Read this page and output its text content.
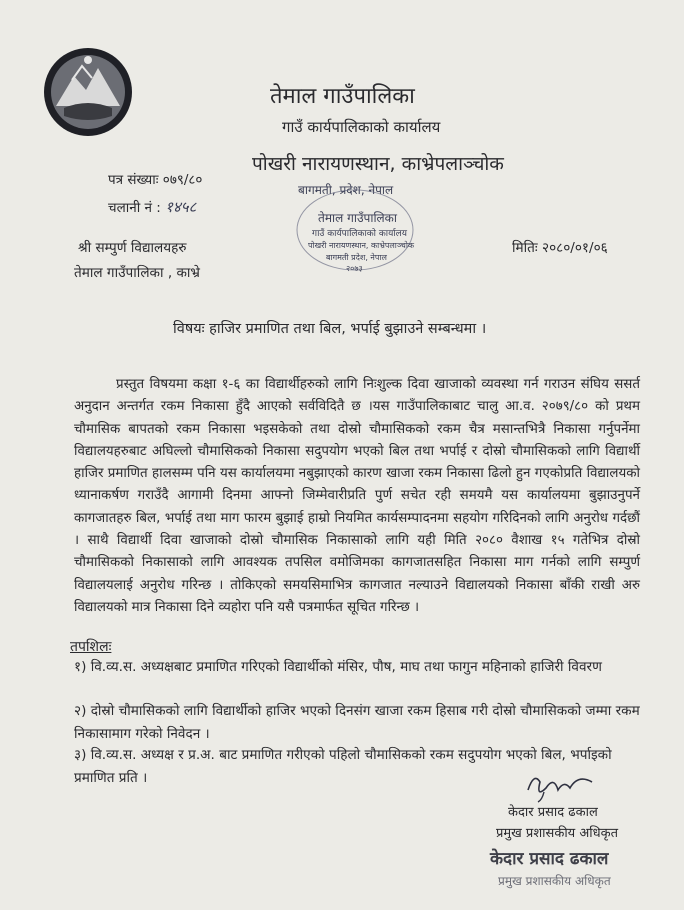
तेमाल गाउँपालिका
गाउँ कार्यपालिकाको कार्यालय
पोखरी नारायणस्थान, काभ्रेपलाञ्चोक
पत्र संख्याः ०७९/८०
चलानी नं : १४५८
बागमती, प्रदेश, नेपाल
तेमाल गाउँपालिका
गाउँ कार्यपालिकाको कार्यालय
पोखरी नारायणस्थान, काभ्रेपलाञ्चोक
बागमती प्रदेश, नेपाल
२०७३
श्री सम्पुर्ण विद्यालयहरु
तेमाल गाउँपालिका , काभ्रे
मितिः २०८०/०१/०६
विषयः हाजिर प्रमाणित तथा बिल, भर्पाई बुझाउने सम्बन्धमा ।
प्रस्तुत विषयमा कक्षा १-६ का विद्यार्थीहरुको लागि निःशुल्क दिवा खाजाको व्यवस्था गर्न गराउन संघिय ससर्त अनुदान अन्तर्गत रकम निकासा हुँदै आएको सर्वविदितै छ ।यस गाउँपालिकाबाट चालु आ.व. २०७९/८० को प्रथम चौमासिक बापतको रकम निकासा भइसकेको तथा दोस्रो चौमासिकको रकम चैत्र मसान्तभित्रै निकासा गर्नुपर्नेमा विद्यालयहरुबाट अघिल्लो चौमासिकको निकासा सदुपयोग भएको बिल तथा भर्पाई र दोस्रो चौमासिकको लागि विद्यार्थी हाजिर प्रमाणित हालसम्म पनि यस कार्यालयमा नबुझाएको कारण खाजा रकम निकासा ढिलो हुन गएकोप्रति विद्यालयको ध्यानाकर्षण गराउँदै आगामी दिनमा आफ्नो जिम्मेवारीप्रति पुर्ण सचेत रही समयमै यस कार्यालयमा बुझाउनुपर्ने कागजातहरु बिल, भर्पाई तथा माग फारम बुझाई हाम्रो नियमित कार्यसम्पादनमा सहयोग गरिदिनको लागि अनुरोध गर्दछौं । साथै विद्यार्थी दिवा खाजाको दोस्रो चौमासिक निकासाको लागि यही मिति २०८० वैशाख १५ गतेभित्र दोस्रो चौमासिकको निकासाको लागि आवश्यक तपसिल वमोजिमका कागजातसहित निकासा माग गर्नको लागि सम्पुर्ण विद्यालयलाई अनुरोध गरिन्छ । तोकिएको समयसिमाभित्र कागजात नल्याउने विद्यालयको निकासा बाँकी राखी अरु विद्यालयको मात्र निकासा दिने व्यहोरा पनि यसै पत्रमार्फत सूचित गरिन्छ ।
तपशिलः
१) वि.व्य.स. अध्यक्षबाट प्रमाणित गरिएको विद्यार्थीको मंसिर, पौष, माघ तथा फागुन महिनाको हाजिरी विवरण
२) दोस्रो चौमासिकको लागि विद्यार्थीको हाजिर भएको दिनसंग खाजा रकम हिसाब गरी दोस्रो चौमासिकको जम्मा रकम निकासामाग गरेको निवेदन ।
३) वि.व्य.स. अध्यक्ष र प्र.अ. बाट प्रमाणित गरीएको पहिलो चौमासिकको रकम सदुपयोग भएको बिल, भर्पाइको प्रमाणित प्रति ।
केदार प्रसाद ढकाल
प्रमुख प्रशासकीय अधिकृत
केदार प्रसाद ढकाल
प्रमुख प्रशासकीय अधिकृत
